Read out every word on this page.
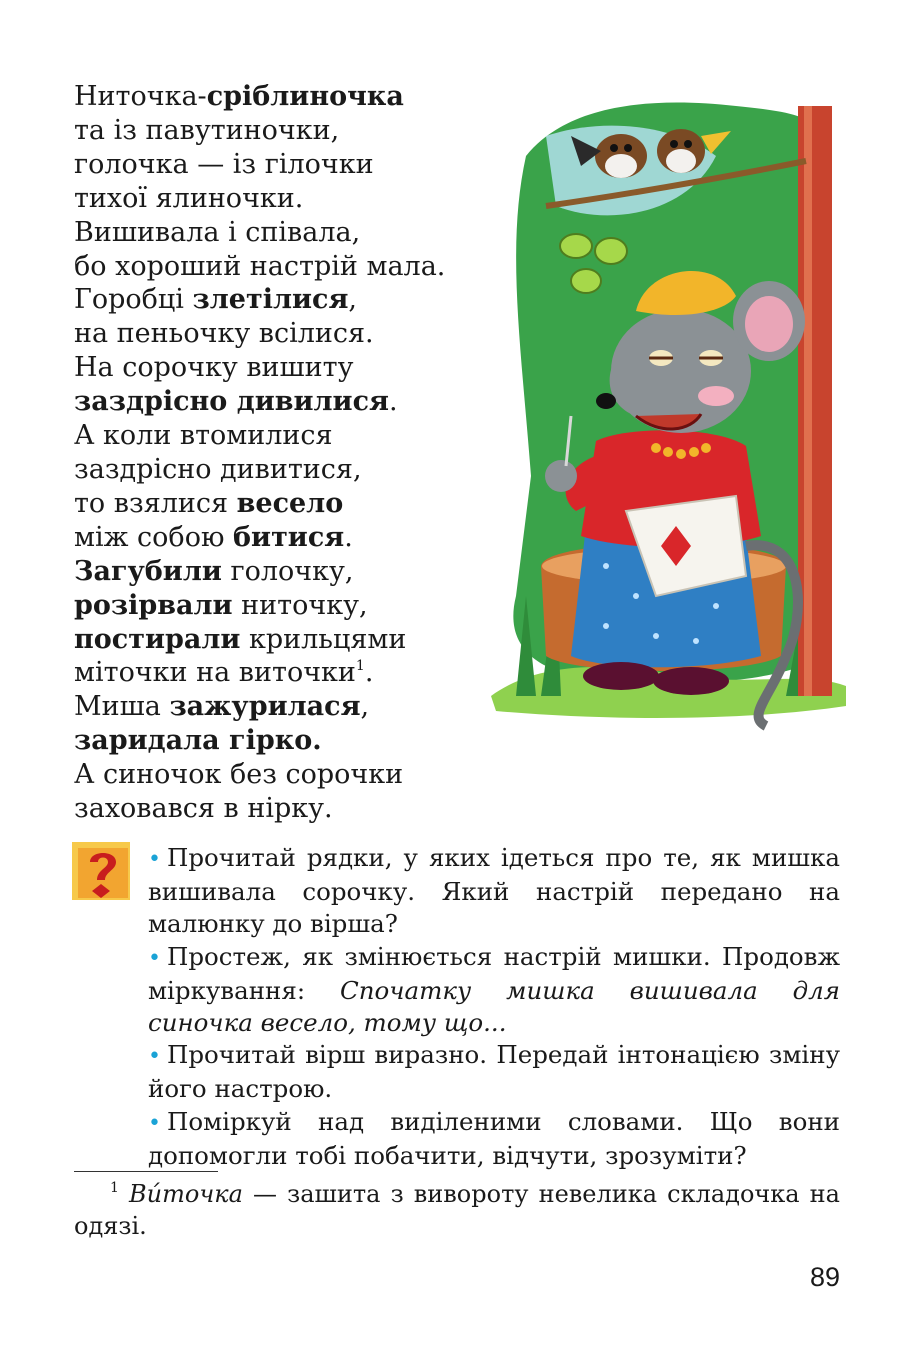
Ниточка-сріблиночка
та із павутиночки,
голочка — із гілочки
тихої ялиночки.
Вишивала і співала,
бо хороший настрій мала.
Горобці злетілися,
на пеньочку всілися.
На сорочку вишиту
заздрісно дивилися.
А коли втомилися
заздрісно дивитися,
то взялися весело
між собою битися.
Загубили голочку,
розірвали ниточку,
постирали крильцями
міточки на виточки$^1$.
Миша зажурилася,
заридала гірко.
А синочок без сорочки
заховався в нірку.
• Прочитай рядки, у яких ідеться про те, як мишка вишивала сорочку. Який настрій передано на малюнку до вірша?
• Простеж, як змінюється настрій мишки. Продовж міркування: Спочатку мишка вишивала для синочка весело, тому що...
• Прочитай вірш виразно. Передай інтонацією зміну його настрою.
• Поміркуй над виділеними словами. Що вони допомогли тобі побачити, відчути, зрозуміти?
$^1$ Ви́точка — зашита з вивороту невелика складочка на одязі.
89
